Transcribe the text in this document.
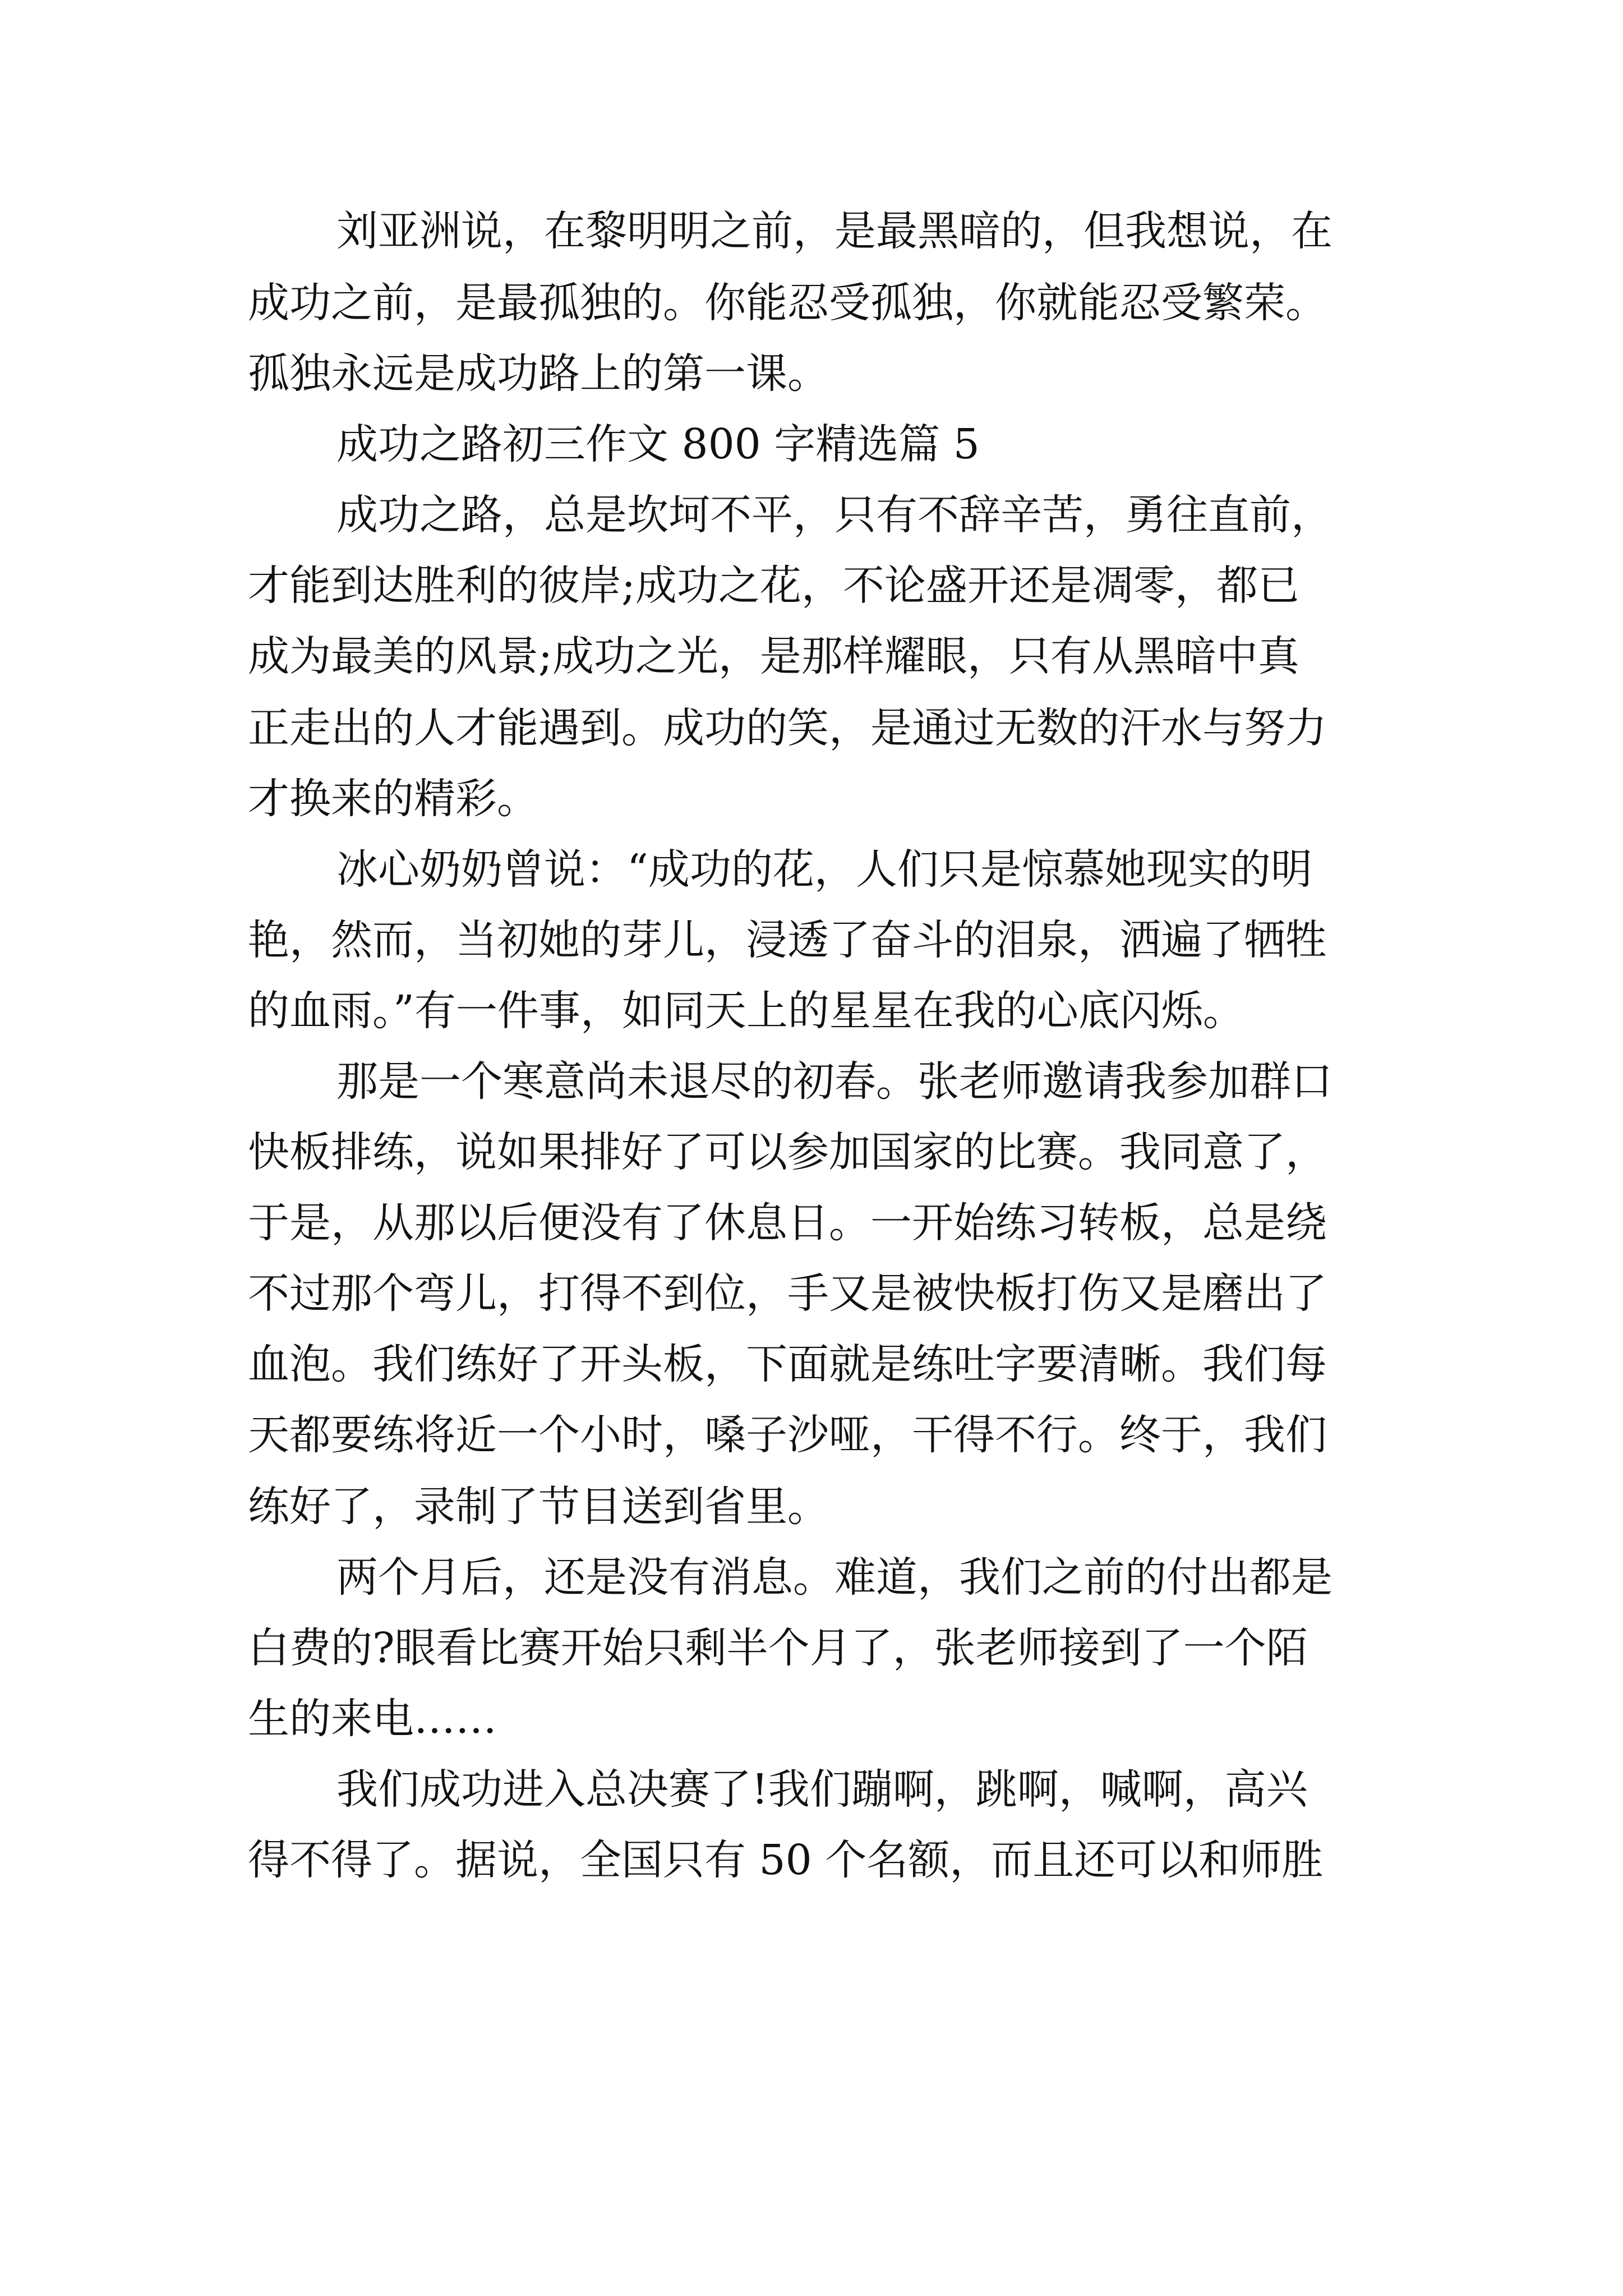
刘亚洲说，在黎明明之前，是最黑暗的，但我想说，在
成功之前，是最孤独的。你能忍受孤独，你就能忍受繁荣。
孤独永远是成功路上的第一课。
成功之路初三作文 800 字精选篇 5
成功之路，总是坎坷不平，只有不辞辛苦，勇往直前，
才能到达胜利的彼岸;成功之花，不论盛开还是凋零，都已
成为最美的风景;成功之光，是那样耀眼，只有从黑暗中真
正走出的人才能遇到。成功的笑，是通过无数的汗水与努力
才换来的精彩。
冰心奶奶曾说：“成功的花，人们只是惊慕她现实的明
艳，然而，当初她的芽儿，浸透了奋斗的泪泉，洒遍了牺牲
的血雨。”有一件事，如同天上的星星在我的心底闪烁。
那是一个寒意尚未退尽的初春。张老师邀请我参加群口
快板排练，说如果排好了可以参加国家的比赛。我同意了，
于是，从那以后便没有了休息日。一开始练习转板，总是绕
不过那个弯儿，打得不到位，手又是被快板打伤又是磨出了
血泡。我们练好了开头板，下面就是练吐字要清晰。我们每
天都要练将近一个小时，嗓子沙哑，干得不行。终于，我们
练好了，录制了节目送到省里。
两个月后，还是没有消息。难道，我们之前的付出都是
白费的?眼看比赛开始只剩半个月了，张老师接到了一个陌
生的来电……
我们成功进入总决赛了!我们蹦啊，跳啊，喊啊，高兴
得不得了。据说，全国只有 50 个名额，而且还可以和师胜
